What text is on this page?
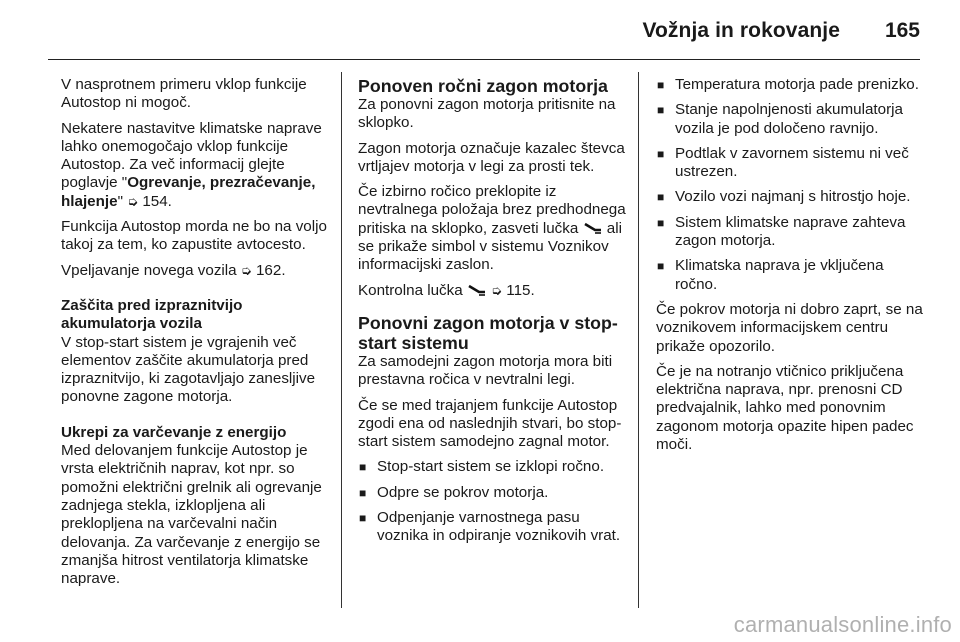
Vožnja in rokovanje 165

V nasprotnem primeru vklop funkcije Autostop ni mogoč.

Nekatere nastavitve klimatske naprave lahko onemogočajo vklop funkcije Autostop. Za več informacij glejte poglavje "Ogrevanje, prezračevanje, hlajenje" ➭ 154.

Funkcija Autostop morda ne bo na voljo takoj za tem, ko zapustite avtocesto.

Vpeljavanje novega vozila ➭ 162.

Zaščita pred izpraznitvijo akumulatorja vozila

V stop-start sistem je vgrajenih več elementov zaščite akumulatorja pred izpraznitvijo, ki zagotavljajo zanesljive ponovne zagone motorja.

Ukrepi za varčevanje z energijo

Med delovanjem funkcije Autostop je vrsta električnih naprav, kot npr. so pomožni električni grelnik ali ogrevanje zadnjega stekla, izklopljena ali preklopljena na varčevalni način delovanja. Za varčevanje z energijo se zmanjša hitrost ventilatorja klimatske naprave.

Ponoven ročni zagon motorja

Za ponovni zagon motorja pritisnite na sklopko.

Zagon motorja označuje kazalec števca vrtljajev motorja v legi za prosti tek.

Če izbirno ročico preklopite iz nevtralnega položaja brez predhodnega pritiska na sklopko, zasveti lučka  ali se prikaže simbol v sistemu Voznikov informacijski zaslon.

Kontrolna lučka  ➭ 115.

Ponovni zagon motorja v stop-start sistemu

Za samodejni zagon motorja mora biti prestavna ročica v nevtralni legi.

Če se med trajanjem funkcije Autostop zgodi ena od naslednjih stvari, bo stop-start sistem samodejno zagnal motor.

■ Stop-start sistem se izklopi ročno.
■ Odpre se pokrov motorja.
■ Odpenjanje varnostnega pasu voznika in odpiranje voznikovih vrat.
■ Temperatura motorja pade prenizko.
■ Stanje napolnjenosti akumulatorja vozila je pod določeno ravnijo.
■ Podtlak v zavornem sistemu ni več ustrezen.
■ Vozilo vozi najmanj s hitrostjo hoje.
■ Sistem klimatske naprave zahteva zagon motorja.
■ Klimatska naprava je vključena ročno.

Če pokrov motorja ni dobro zaprt, se na voznikovem informacijskem centru prikaže opozorilo.

Če je na notranjo vtičnico priključena električna naprava, npr. prenosni CD predvajalnik, lahko med ponovnim zagonom motorja opazite hipen padec moči.

carmanualsonline.info
